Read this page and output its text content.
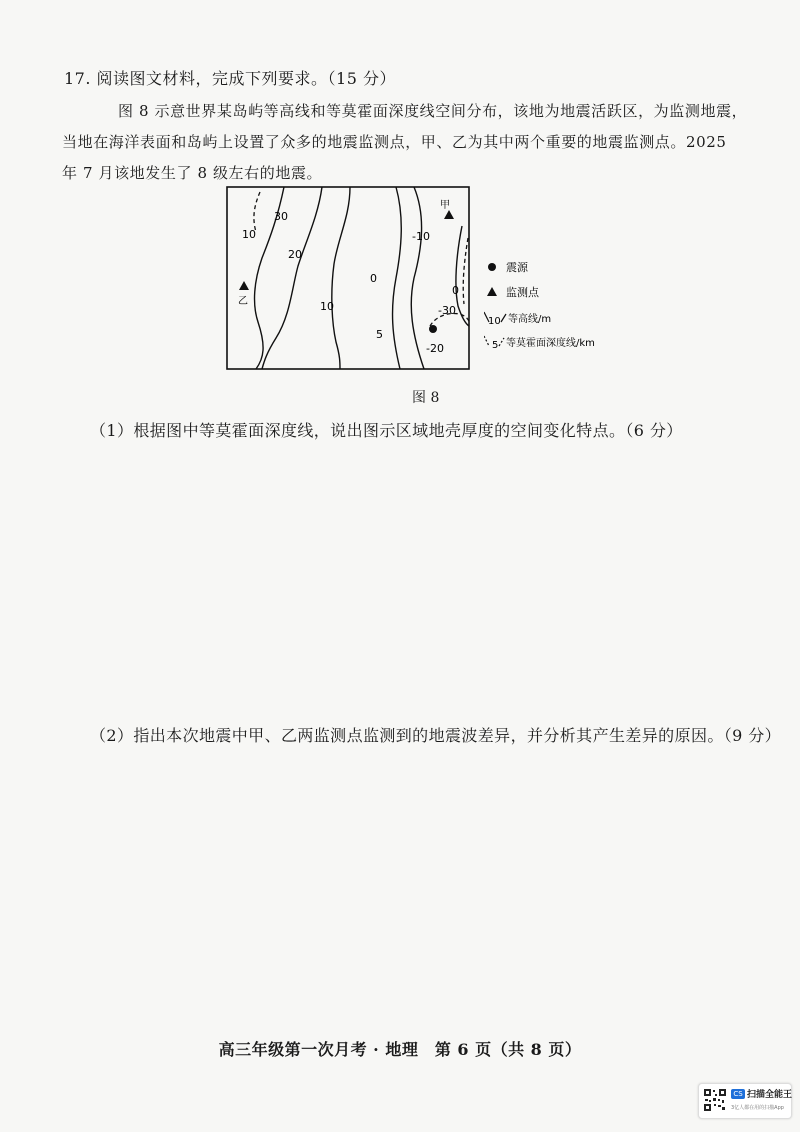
17. 阅读图文材料，完成下列要求。（15 分）

图 8 示意世界某岛屿等高线和等莫霍面深度线空间分布，该地为地震活跃区，为监测地震，

当地在海洋表面和岛屿上设置了众多的地震监测点，甲、乙为其中两个重要的地震监测点。2025

年 7 月该地发生了 8 级左右的地震。

30
10
20
10
0
5
-10
0
-30
-20
甲
乙
震源
监测点
10 等高线/m
5 等莫霍面深度线/km
图 8
（1）根据图中等莫霍面深度线，说出图示区域地壳厚度的空间变化特点。（6 分）
（2）指出本次地震中甲、乙两监测点监测到的地震波差异，并分析其产生差异的原因。（9 分）
高三年级第一次月考 · 地理　第 6 页（共 8 页）
CS 扫描全能王
3亿人都在用的扫描App
